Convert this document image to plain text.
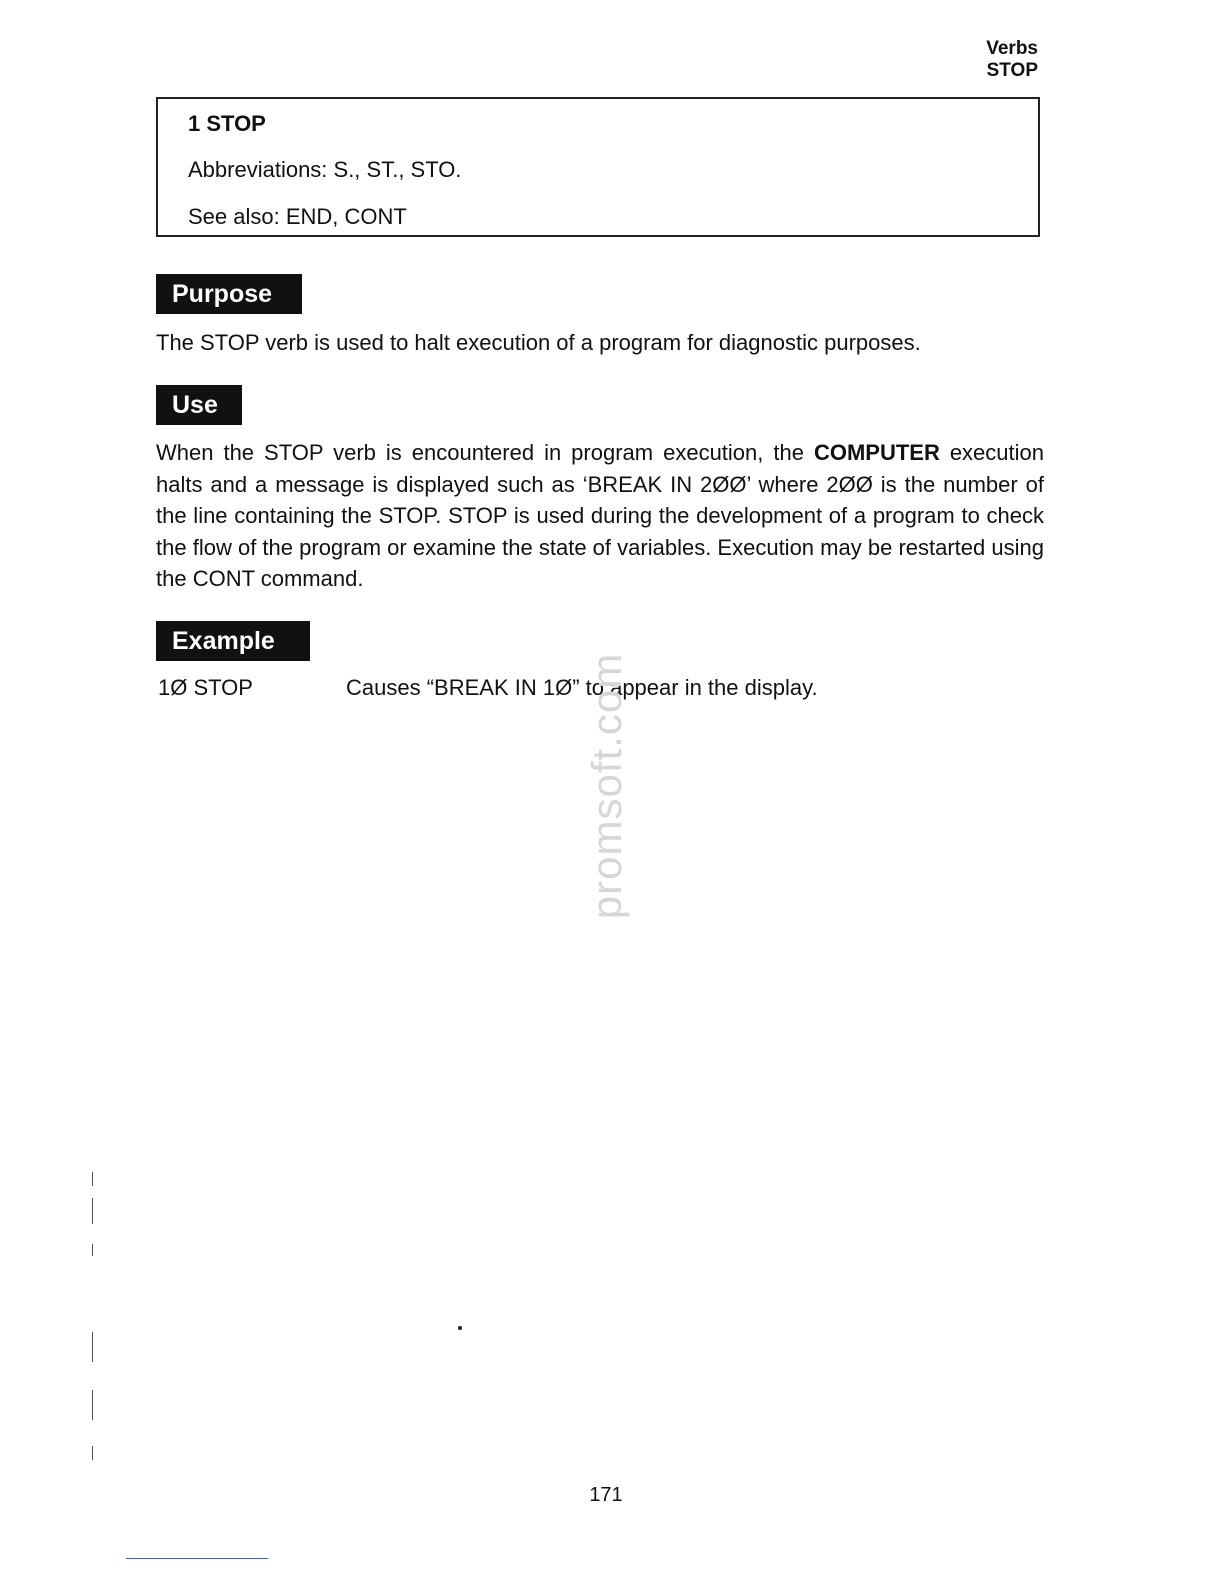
Verbs
STOP
1 STOP
Abbreviations: S., ST., STO.
See also: END, CONT
Purpose
The STOP verb is used to halt execution of a program for diagnostic purposes.
Use
When the STOP verb is encountered in program execution, the COMPUTER execution halts and a message is displayed such as ‘BREAK IN 2ØØ’ where 2ØØ is the number of the line containing the STOP. STOP is used during the development of a program to check the flow of the program or examine the state of variables. Execution may be restarted using the CONT command.
Example
1Ø STOP	Causes “BREAK IN 1Ø” to appear in the display.
promsoft.com
171
